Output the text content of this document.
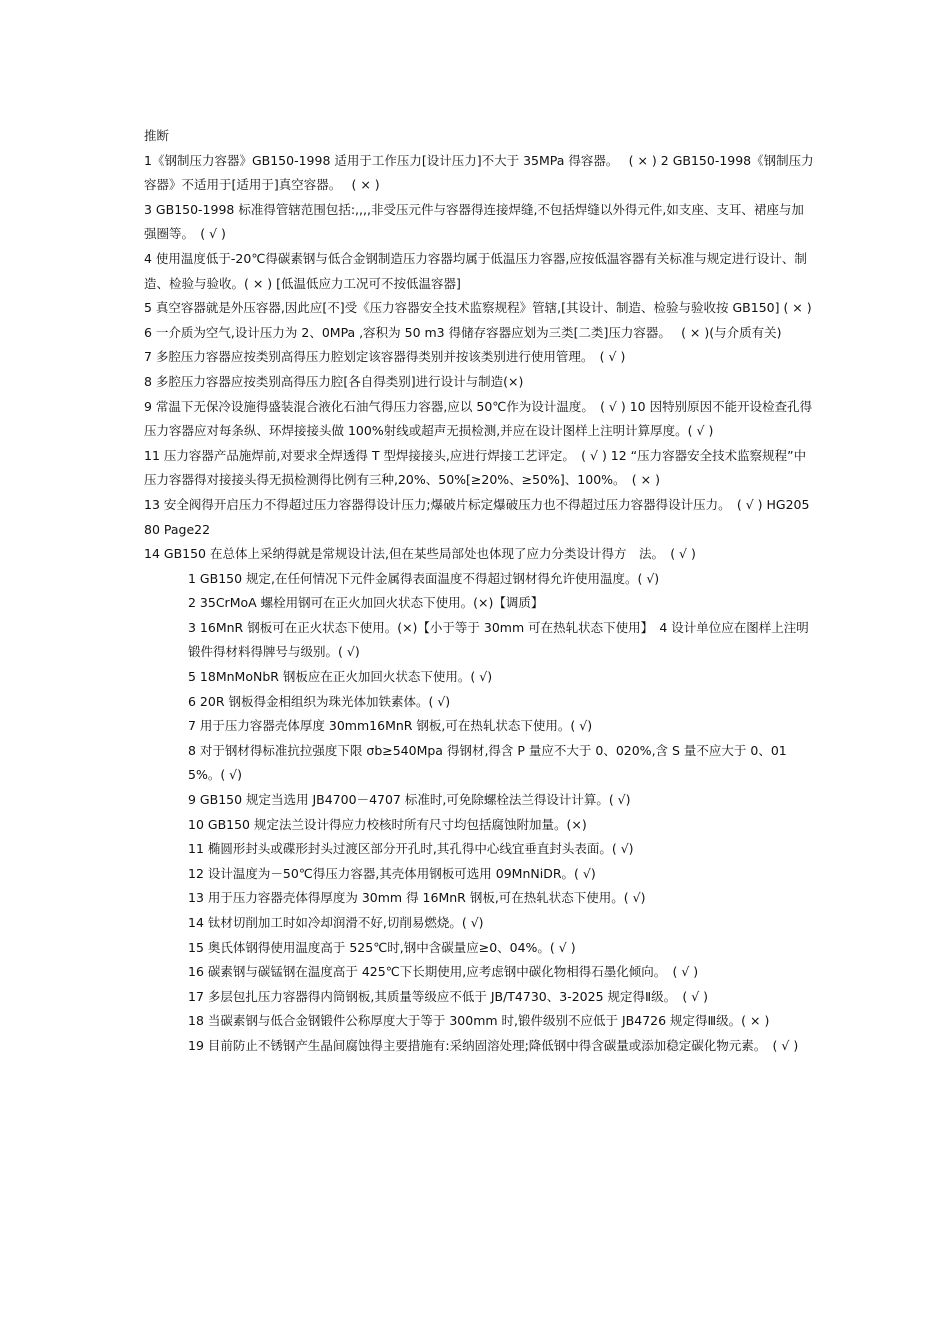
推断
1《钢制压力容器》GB150-1998 适用于工作压力[设计压力]不大于 35MPa 得容器。　 ( × ) 2 GB150-1998《钢制压力容器》不适用于[适用于]真空容器。　 ( × )
3 GB150-1998 标准得管辖范围包括:,,,,非受压元件与容器得连接焊缝,不包括焊缝以外得元件,如支座、支耳、裙座与加强圈等。　( √ )
4 使用温度低于-20℃得碳素钢与低合金钢制造压力容器均属于低温压力容器,应按低温容器有关标准与规定进行设计、制造、检验与验收。( × ) [低温低应力工况可不按低温容器]
5 真空容器就是外压容器,因此应[不]受《压力容器安全技术监察规程》管辖,[其设计、制造、检验与验收按 GB150] ( × )
6 一介质为空气,设计压力为 2、0MPa ,容积为 50 m3 得储存容器应划为三类[二类]压力容器。　 ( × )(与介质有关)
7 多腔压力容器应按类别高得压力腔划定该容器得类别并按该类别进行使用管理。　( √ )
8 多腔压力容器应按类别高得压力腔[各自得类别]进行设计与制造(×)
9 常温下无保冷设施得盛装混合液化石油气得压力容器,应以 50℃作为设计温度。　( √ ) 10 因特别原因不能开设检查孔得压力容器应对每条纵、环焊接接头做 100%射线或超声无损检测,并应在设计图样上注明计算厚度。( √ )
11 压力容器产品施焊前,对要求全焊透得 T 型焊接接头,应进行焊接工艺评定。　( √ ) 12 “压力容器安全技术监察规程”中压力容器得对接接头得无损检测得比例有三种,20%、50%[≥20%、≥50%]、100%。　( × )
13 安全阀得开启压力不得超过压力容器得设计压力;爆破片标定爆破压力也不得超过压力容器得设计压力。　( √ ) HG20580 Page22
14 GB150 在总体上采纳得就是常规设计法,但在某些局部处也体现了应力分类设计得方　法。　( √ )
1 GB150 规定,在任何情况下元件金属得表面温度不得超过钢材得允许使用温度。( √)
2 35CrMoA 螺栓用钢可在正火加回火状态下使用。(×)【调质】
3 16MnR 钢板可在正火状态下使用。(×)【小于等于 30mm 可在热轧状态下使用】　4 设计单位应在图样上注明锻件得材料得牌号与级别。( √)
5 18MnMoNbR 钢板应在正火加回火状态下使用。( √)
6 20R 钢板得金相组织为珠光体加铁素体。( √)
7 用于压力容器壳体厚度 30mm16MnR 钢板,可在热轧状态下使用。( √)
8 对于钢材得标准抗拉强度下限 σb≥540Mpa 得钢材,得含 P 量应不大于 0、020%,含 S 量不应大于 0、015%。( √)
9 GB150 规定当选用 JB4700－4707 标准时,可免除螺栓法兰得设计计算。( √)
10 GB150 规定法兰设计得应力校核时所有尺寸均包括腐蚀附加量。(×)
11 椭圆形封头或碟形封头过渡区部分开孔时,其孔得中心线宜垂直封头表面。( √)
12 设计温度为－50℃得压力容器,其壳体用钢板可选用 09MnNiDR。( √)
13 用于压力容器壳体得厚度为 30mm 得 16MnR 钢板,可在热轧状态下使用。( √)
14 钛材切削加工时如冷却润滑不好,切削易燃烧。( √)
15 奥氏体钢得使用温度高于 525℃时,钢中含碳量应≥0、04%。( √ )
16 碳素钢与碳锰钢在温度高于 425℃下长期使用,应考虑钢中碳化物相得石墨化倾向。　( √ )
17 多层包扎压力容器得内筒钢板,其质量等级应不低于 JB/T4730、3-2025 规定得Ⅱ级。　( √ )
18 当碳素钢与低合金钢锻件公称厚度大于等于 300mm 时,锻件级别不应低于 JB4726 规定得Ⅲ级。( × )
19 目前防止不锈钢产生晶间腐蚀得主要措施有:采纳固溶处理;降低钢中得含碳量或添加稳定碳化物元素。　( √ )
